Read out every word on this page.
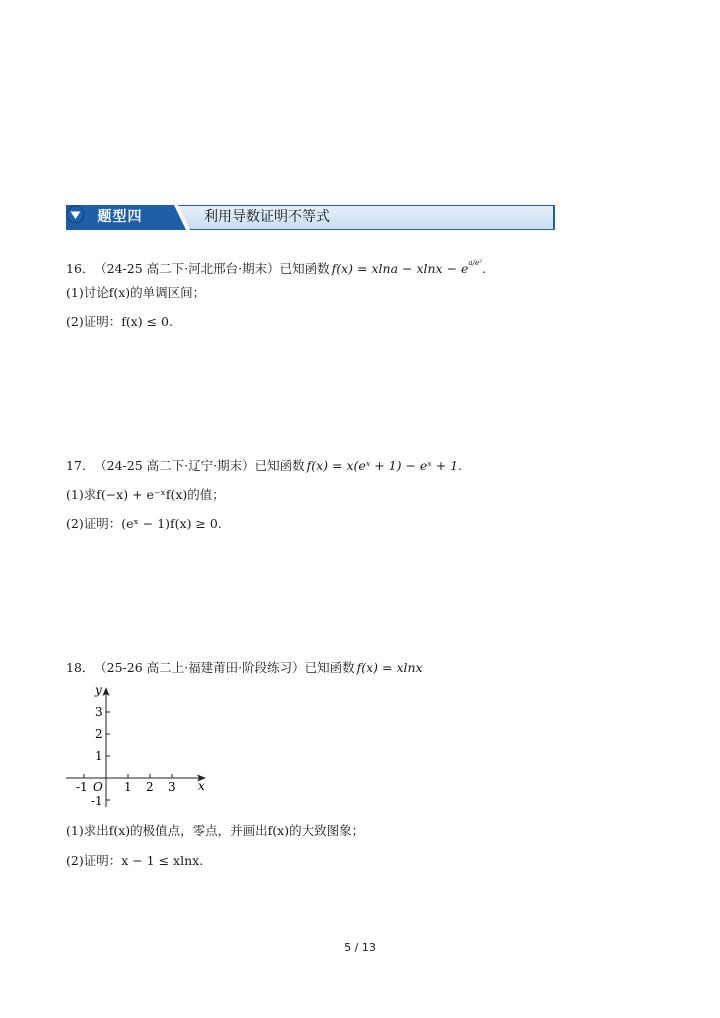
题型四	利用导数证明不等式
16． （24-25 高二下·河北邢台·期末）已知函数 $f(x) = xlna - xlnx - e^{a/e^2}$.
(1)讨论f(x)的单调区间；
(2)证明：f(x) ≤ 0.
17． （24-25 高二下·辽宁·期末）已知函数 f(x) = x(eˣ + 1) − eˣ + 1.
(1)求f(−x) + e⁻ˣf(x)的值；
(2)证明：(eˣ − 1)f(x) ≥ 0.
18． （25-26 高二上·福建莆田·阶段练习）已知函数 f(x) = xlnx
y
x
O
-1	1 2 3
3
2
1
-1
(1)求出f(x)的极值点，零点，并画出f(x)的大致图象；
(2)证明：x − 1 ≤ xlnx.
5 / 13
